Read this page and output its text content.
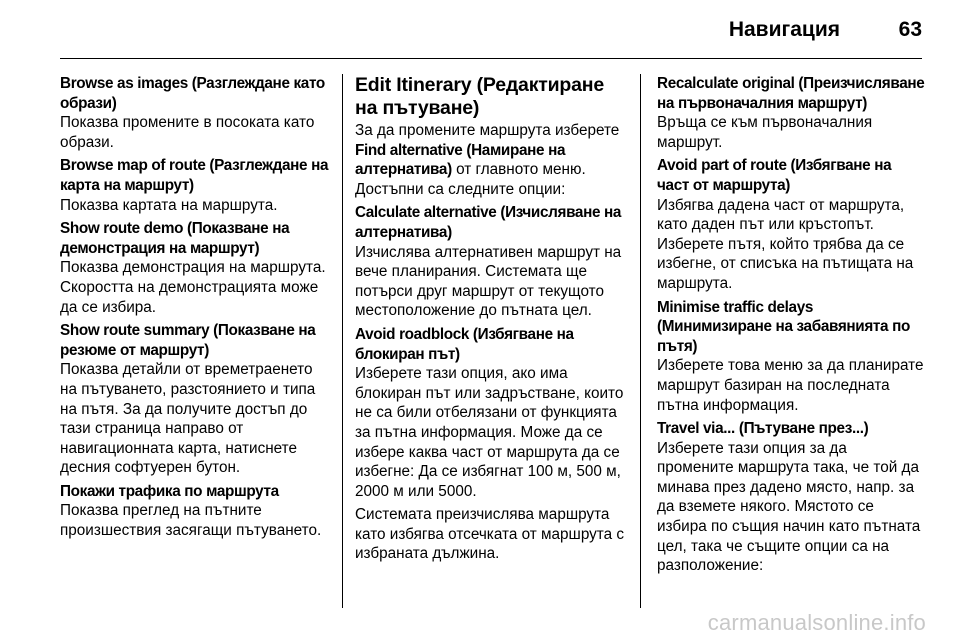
Навигация	63
Browse as images (Разглеждане като образи)
Показва промените в посоката като образи.
Browse map of route (Разглеждане на карта на маршрут)
Показва картата на маршрута.
Show route demo (Показване на демонстрация на маршрут)
Показва демонстрация на маршрута. Скоростта на демонстрацията може да се избира.
Show route summary (Показване на резюме от маршрут)
Показва детайли от времетраенето на пътуването, разстоянието и типа на пътя. За да получите достъп до тази страница направо от навигационната карта, натиснете десния софтуерен бутон.
Покажи трафика по маршрута
Показва преглед на пътните произшествия засягащи пътуването.
Edit Itinerary (Редактиране на пътуване)
За да промените маршрута изберете Find alternative (Намиране на алтернатива) от главното меню. Достъпни са следните опции:
Calculate alternative (Изчисляване на алтернатива)
Изчислява алтернативен маршрут на вече планирания. Системата ще потърси друг маршрут от текущото местоположение до пътната цел.
Avoid roadblock (Избягване на блокиран път)
Изберете тази опция, ако има блокиран път или задръстване, които не са били отбелязани от функцията за пътна информация. Може да се избере каква част от маршрута да се избегне: Да се избягнат 100 м, 500 м, 2000 м или 5000.
Системата преизчислява маршрута като избягва отсечката от маршрута с избраната дължина.
Recalculate original (Преизчисляване на първоначалния маршрут)
Връща се към първоначалния маршрут.
Avoid part of route (Избягване на част от маршрута)
Избягва дадена част от маршрута, като даден път или кръстопът. Изберете пътя, който трябва да се избегне, от списъка на пътищата на маршрута.
Minimise traffic delays (Минимизиране на забавянията по пътя)
Изберете това меню за да планирате маршрут базиран на последната пътна информация.
Travel via... (Пътуване през...)
Изберете тази опция за да промените маршрута така, че той да минава през дадено място, напр. за да вземете някого. Мястото се избира по същия начин като пътната цел, така че същите опции са на разположение:
carmanualsonline.info
